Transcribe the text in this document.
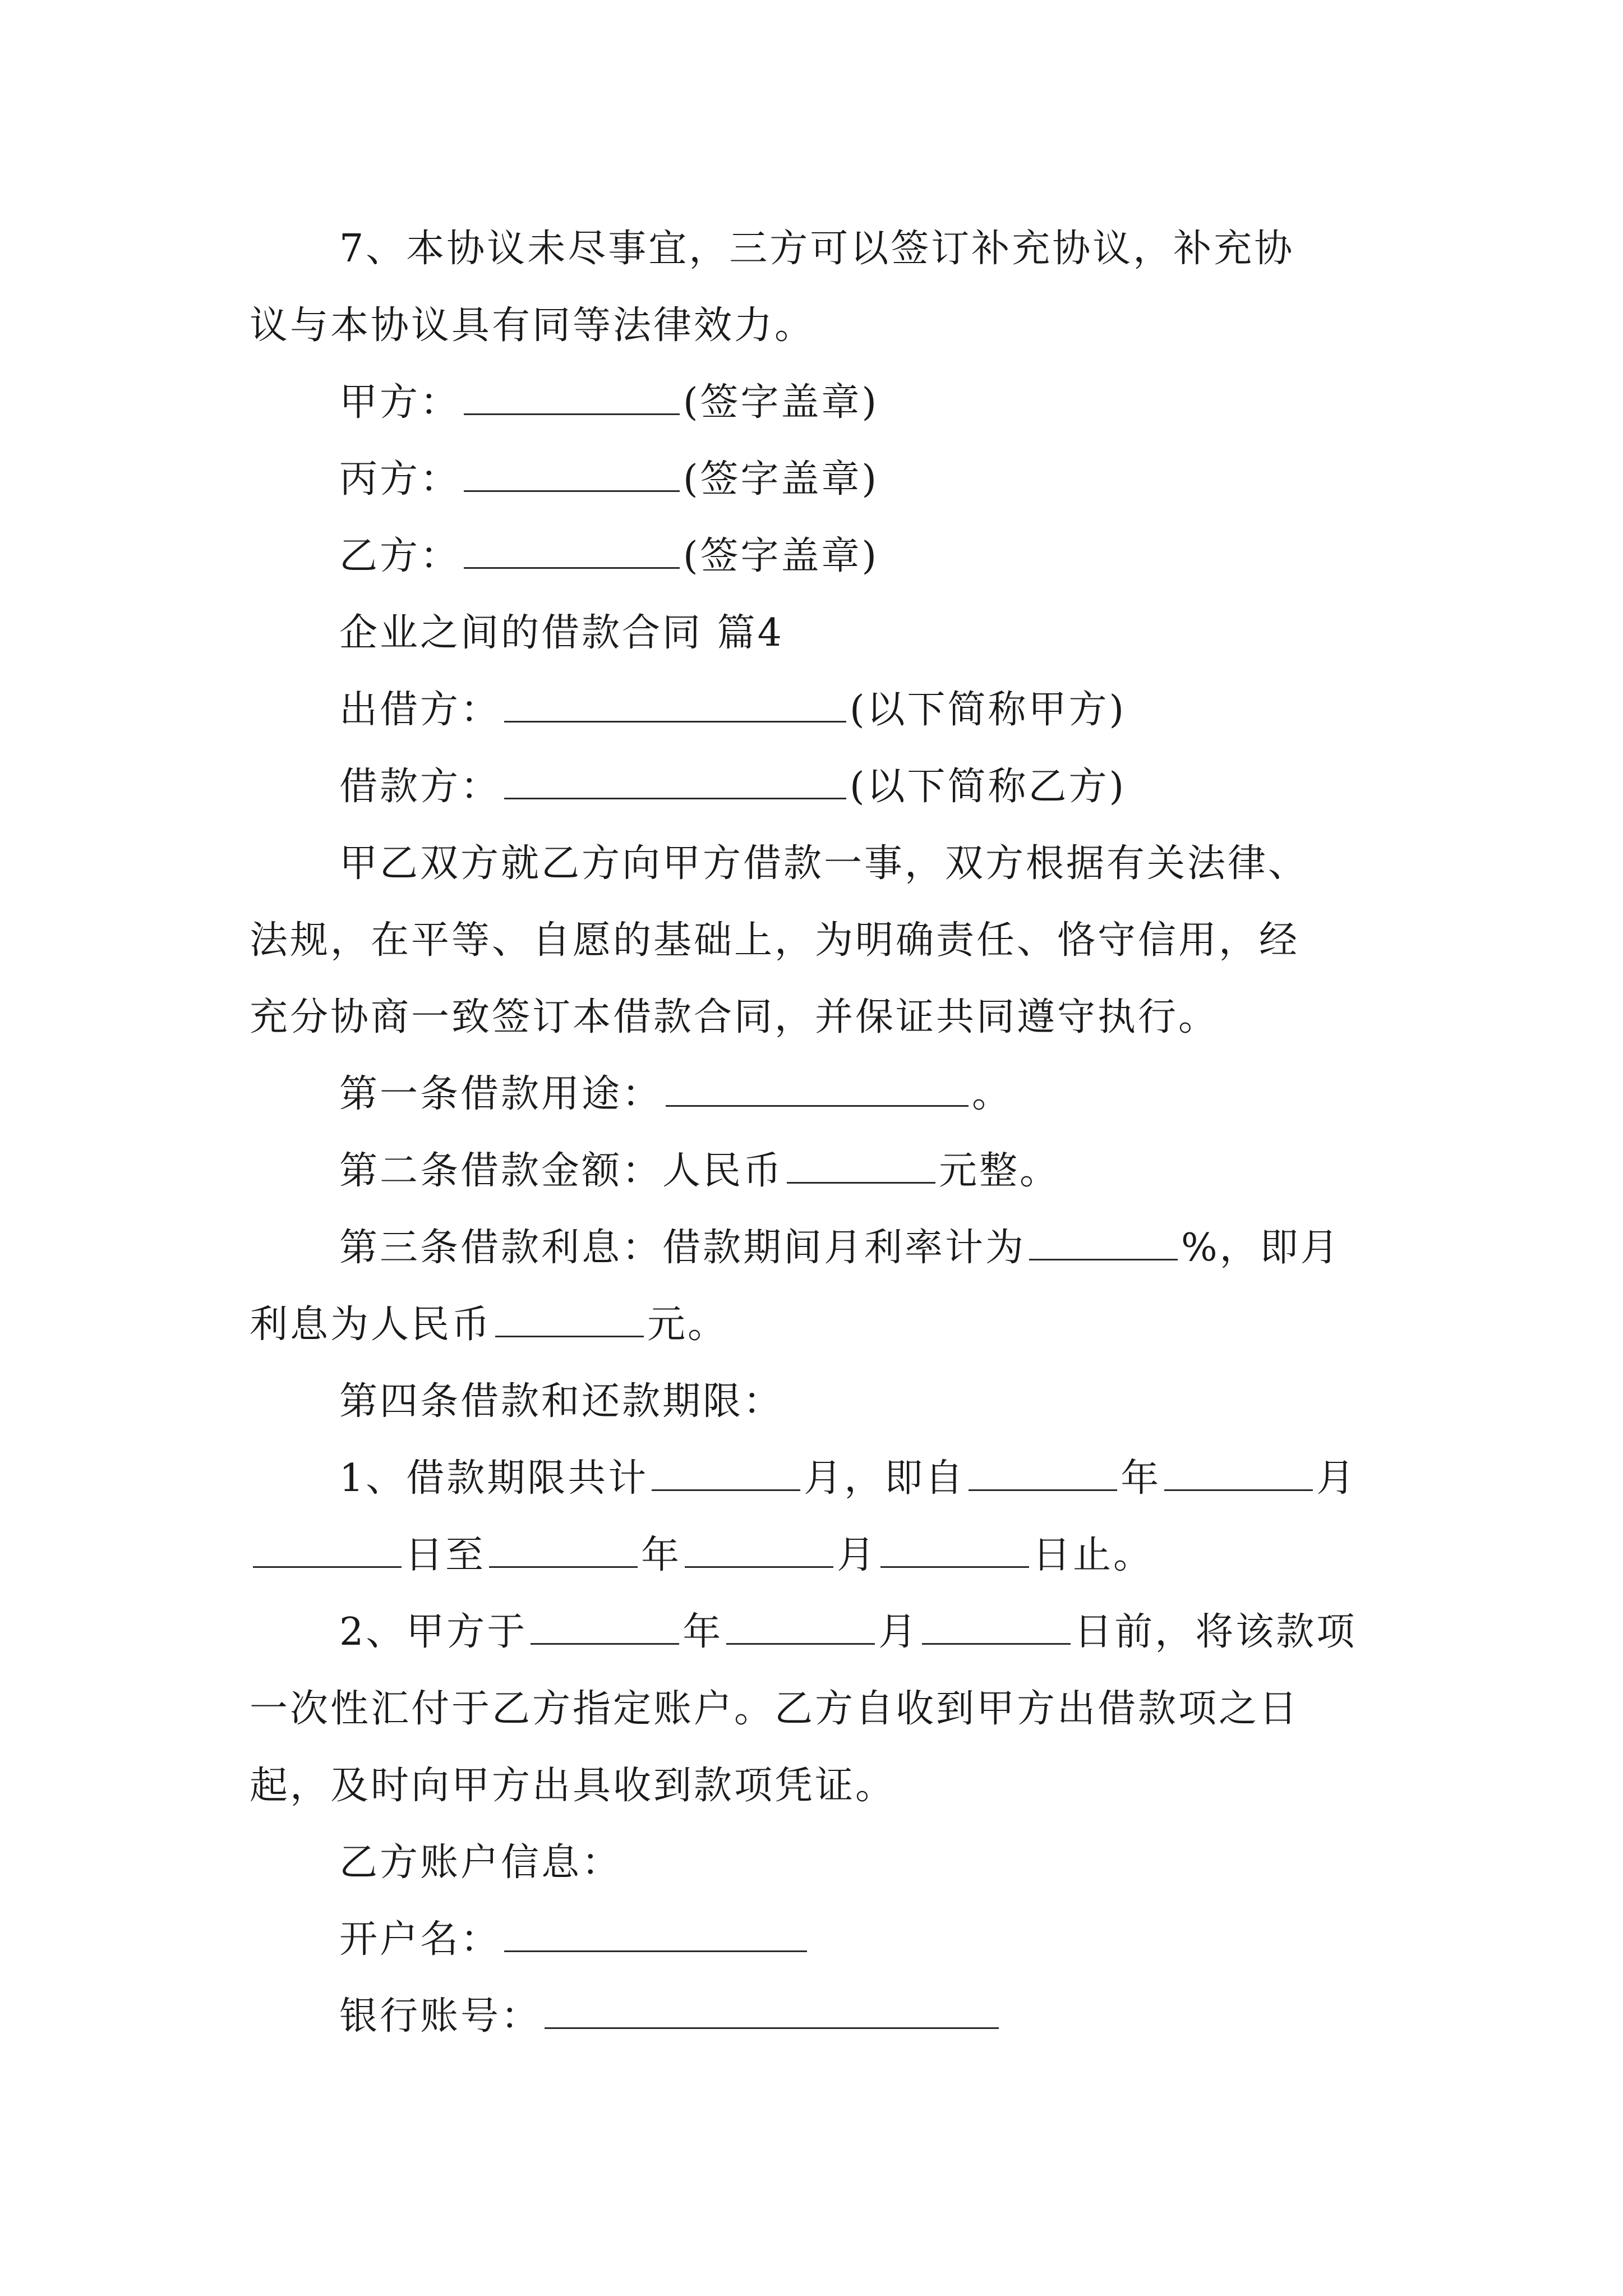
7、本协议未尽事宜，三方可以签订补充协议，补充协
议与本协议具有同等法律效力。
甲方：	(签字盖章)
丙方：	(签字盖章)
乙方：	(签字盖章)
企业之间的借款合同 篇4
出借方：	(以下简称甲方)
借款方：	(以下简称乙方)
甲乙双方就乙方向甲方借款一事，双方根据有关法律、
法规，在平等、自愿的基础上，为明确责任、恪守信用，经
充分协商一致签订本借款合同，并保证共同遵守执行。
第一条借款用途：	。
第二条借款金额：人民币	元整。
第三条借款利息：借款期间月利率计为	%，即月
利息为人民币	元。
第四条借款和还款期限：
1、借款期限共计	月，即自	年	月
日至	年	月	日止。
2、甲方于	年	月	日前，将该款项
一次性汇付于乙方指定账户。乙方自收到甲方出借款项之日
起，及时向甲方出具收到款项凭证。
乙方账户信息：
开户名：
银行账号：
